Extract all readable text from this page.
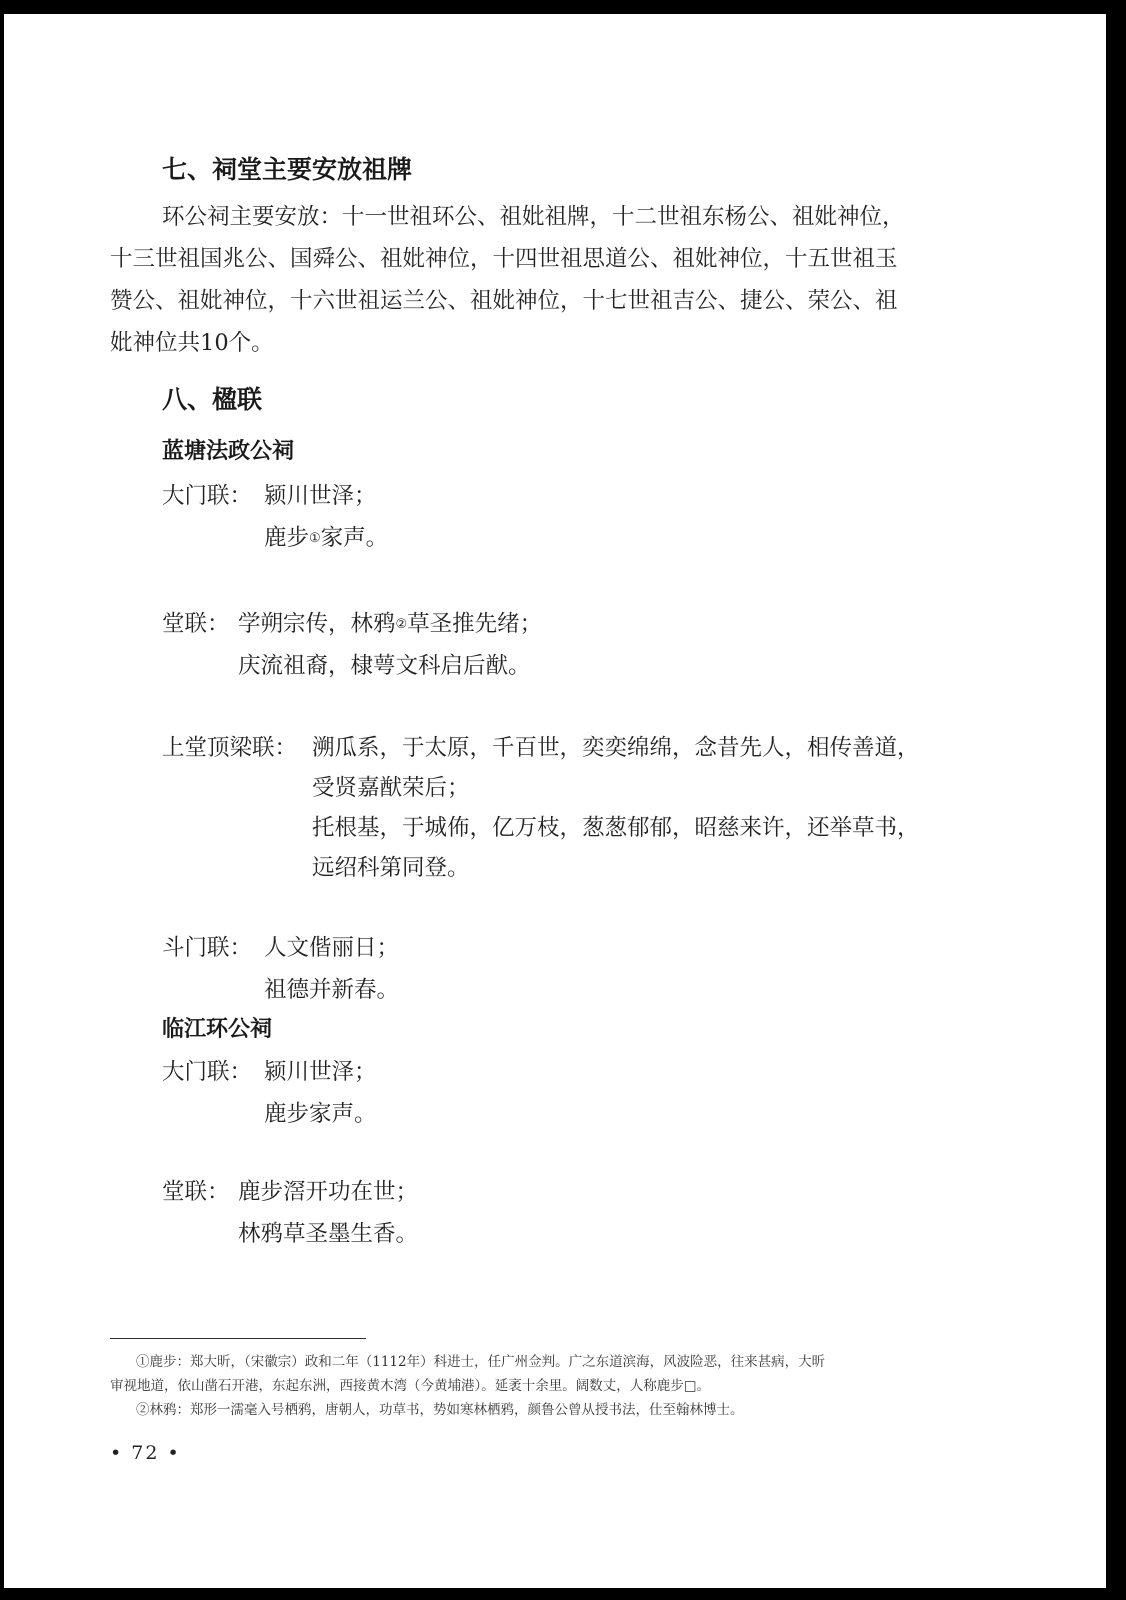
七、祠堂主要安放祖牌
环公祠主要安放：十一世祖环公、祖妣祖牌，十二世祖东杨公、祖妣神位，
十三世祖国兆公、国舜公、祖妣神位，十四世祖思道公、祖妣神位，十五世祖玉
赞公、祖妣神位，十六世祖运兰公、祖妣神位，十七世祖吉公、捷公、荣公、祖
妣神位共10个。
八、楹联
蓝塘法政公祠
大门联： 颍川世泽；
鹿步①家声。
堂联： 学朔宗传，林鸦②草圣推先绪；
庆流祖裔，棣萼文科启后猷。
上堂顶梁联： 溯瓜系，于太原，千百世，奕奕绵绵，念昔先人，相传善道，
受贤嘉猷荣后；
托根基，于城佈，亿万枝，葱葱郁郁，昭慈来许，还举草书，
远绍科第同登。
斗门联： 人文偕丽日；
祖德并新春。
临江环公祠
大门联： 颍川世泽；
鹿步家声。
堂联： 鹿步滘开功在世；
林鸦草圣墨生香。
①鹿步：郑大昕，（宋徽宗）政和二年（1112年）科进士，任广州佥判。广之东道滨海，风波险恶，往来甚病，大昕
审视地道，依山凿石开港，东起东洲，西接黄木湾（今黄埔港）。延袤十余里。阔数丈，人称鹿步□。
②林鸦：郑形一濡毫入号栖鸦，唐朝人，功草书，势如寒林栖鸦，颜鲁公曾从授书法，仕至翰林博士。
• 72 •
